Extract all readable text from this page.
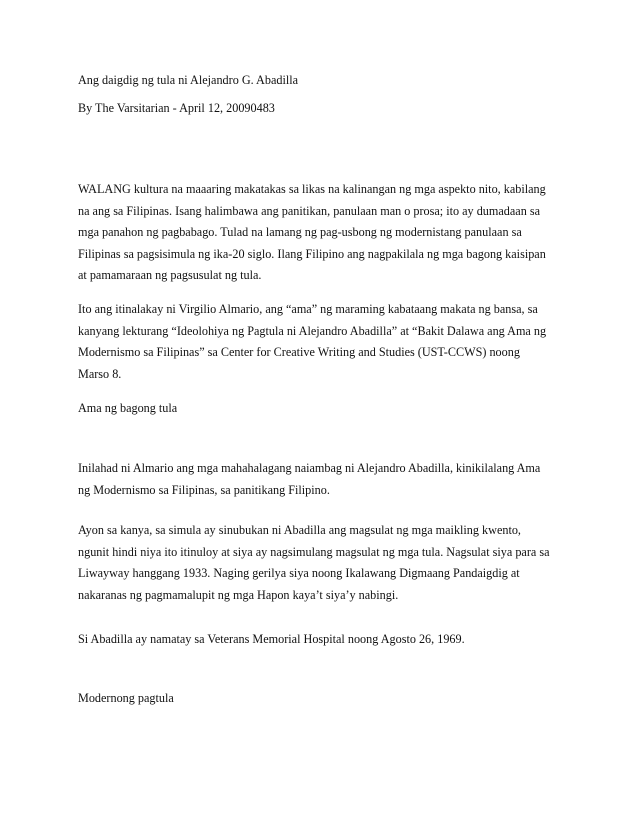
Ang daigdig ng tula ni Alejandro G. Abadilla

By The Varsitarian - April 12, 20090483

WALANG kultura na maaaring makatakas sa likas na kalinangan ng mga aspekto nito, kabilang
na ang sa Filipinas. Isang halimbawa ang panitikan, panulaan man o prosa; ito ay dumadaan sa
mga panahon ng pagbabago. Tulad na lamang ng pag-usbong ng modernistang panulaan sa
Filipinas sa pagsisimula ng ika-20 siglo. Ilang Filipino ang nagpakilala ng mga bagong kaisipan
at pamamaraan ng pagsusulat ng tula.
Ito ang itinalakay ni Virgilio Almario, ang “ama” ng maraming kabataang makata ng bansa, sa
kanyang lekturang “Ideolohiya ng Pagtula ni Alejandro Abadilla” at “Bakit Dalawa ang Ama ng
Modernismo sa Filipinas” sa Center for Creative Writing and Studies (UST-CCWS) noong
Marso 8.
Ama ng bagong tula
Inilahad ni Almario ang mga mahahalagang naiambag ni Alejandro Abadilla, kinikilalang Ama
ng Modernismo sa Filipinas, sa panitikang Filipino.
Ayon sa kanya, sa simula ay sinubukan ni Abadilla ang magsulat ng mga maikling kwento,
ngunit hindi niya ito itinuloy at siya ay nagsimulang magsulat ng mga tula. Nagsulat siya para sa
Liwayway hanggang 1933. Naging gerilya siya noong Ikalawang Digmaang Pandaigdig at
nakaranas ng pagmamalupit ng mga Hapon kaya’t siya’y nabingi.
Si Abadilla ay namatay sa Veterans Memorial Hospital noong Agosto 26, 1969.
Modernong pagtula
